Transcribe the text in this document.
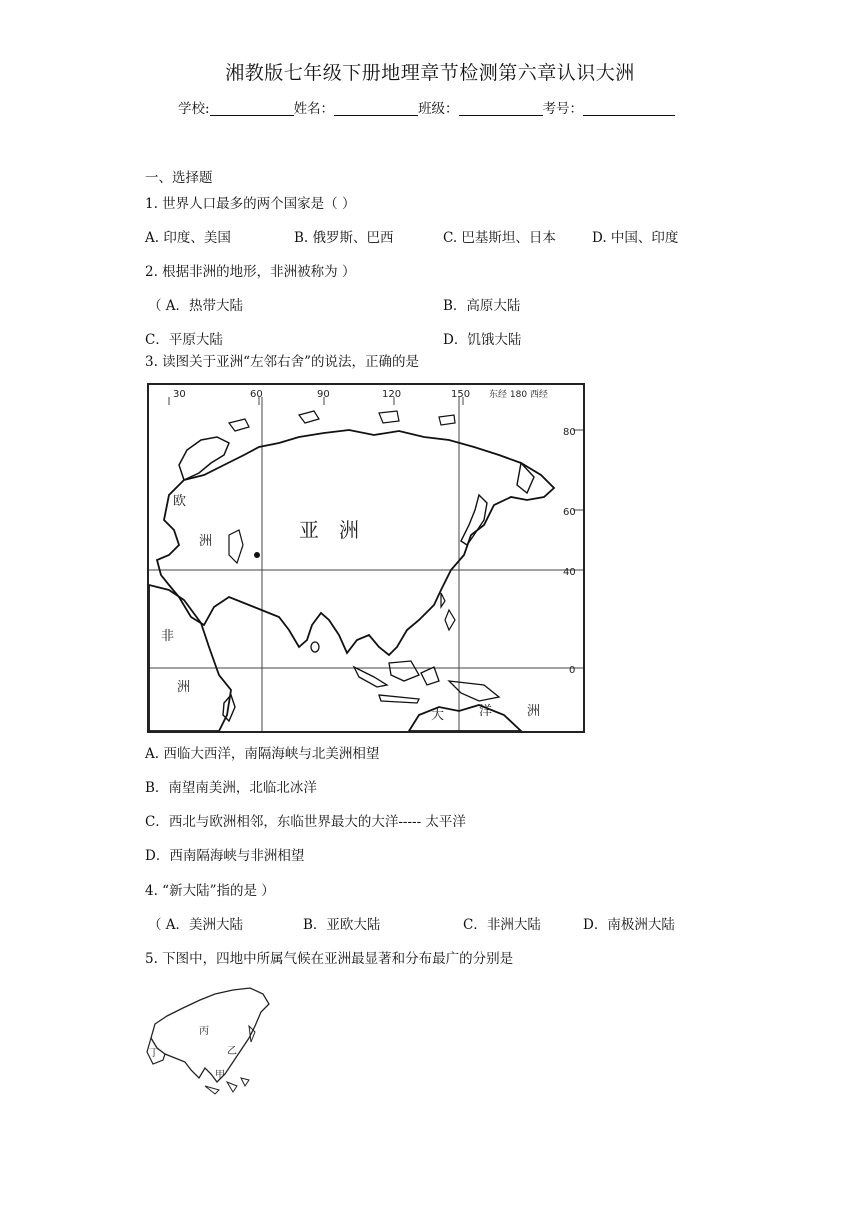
湘教版七年级下册地理章节检测第六章认识大洲
学校:	姓名：	班级：	考号：
一、选择题
1. 世界人口最多的两个国家是（ ）
A. 印度、美国	B. 俄罗斯、巴西	C. 巴基斯坦、日本	D. 中国、印度
2. 根据非洲的地形，非洲被称为 ）
（ A．热带大陆	B．高原大陆
C．平原大陆	D．饥饿大陆
3. 读图关于亚洲“左邻右舍”的说法，正确的是
30	60	90	120	150 东经 180 西经
80
60
40
0
亚　洲
欧
洲
非
洲
大	洋	洲
A. 西临大西洋，南隔海峡与北美洲相望
B．南望南美洲，北临北冰洋
C．西北与欧洲相邻，东临世界最大的大洋----- 太平洋
D．西南隔海峡与非洲相望
4. “新大陆”指的是 ）
（ A．美洲大陆	B．亚欧大陆	C．非洲大陆	D．南极洲大陆
5. 下图中，四地中所属气候在亚洲最显著和分布最广的分别是
丙
乙
丁
甲
